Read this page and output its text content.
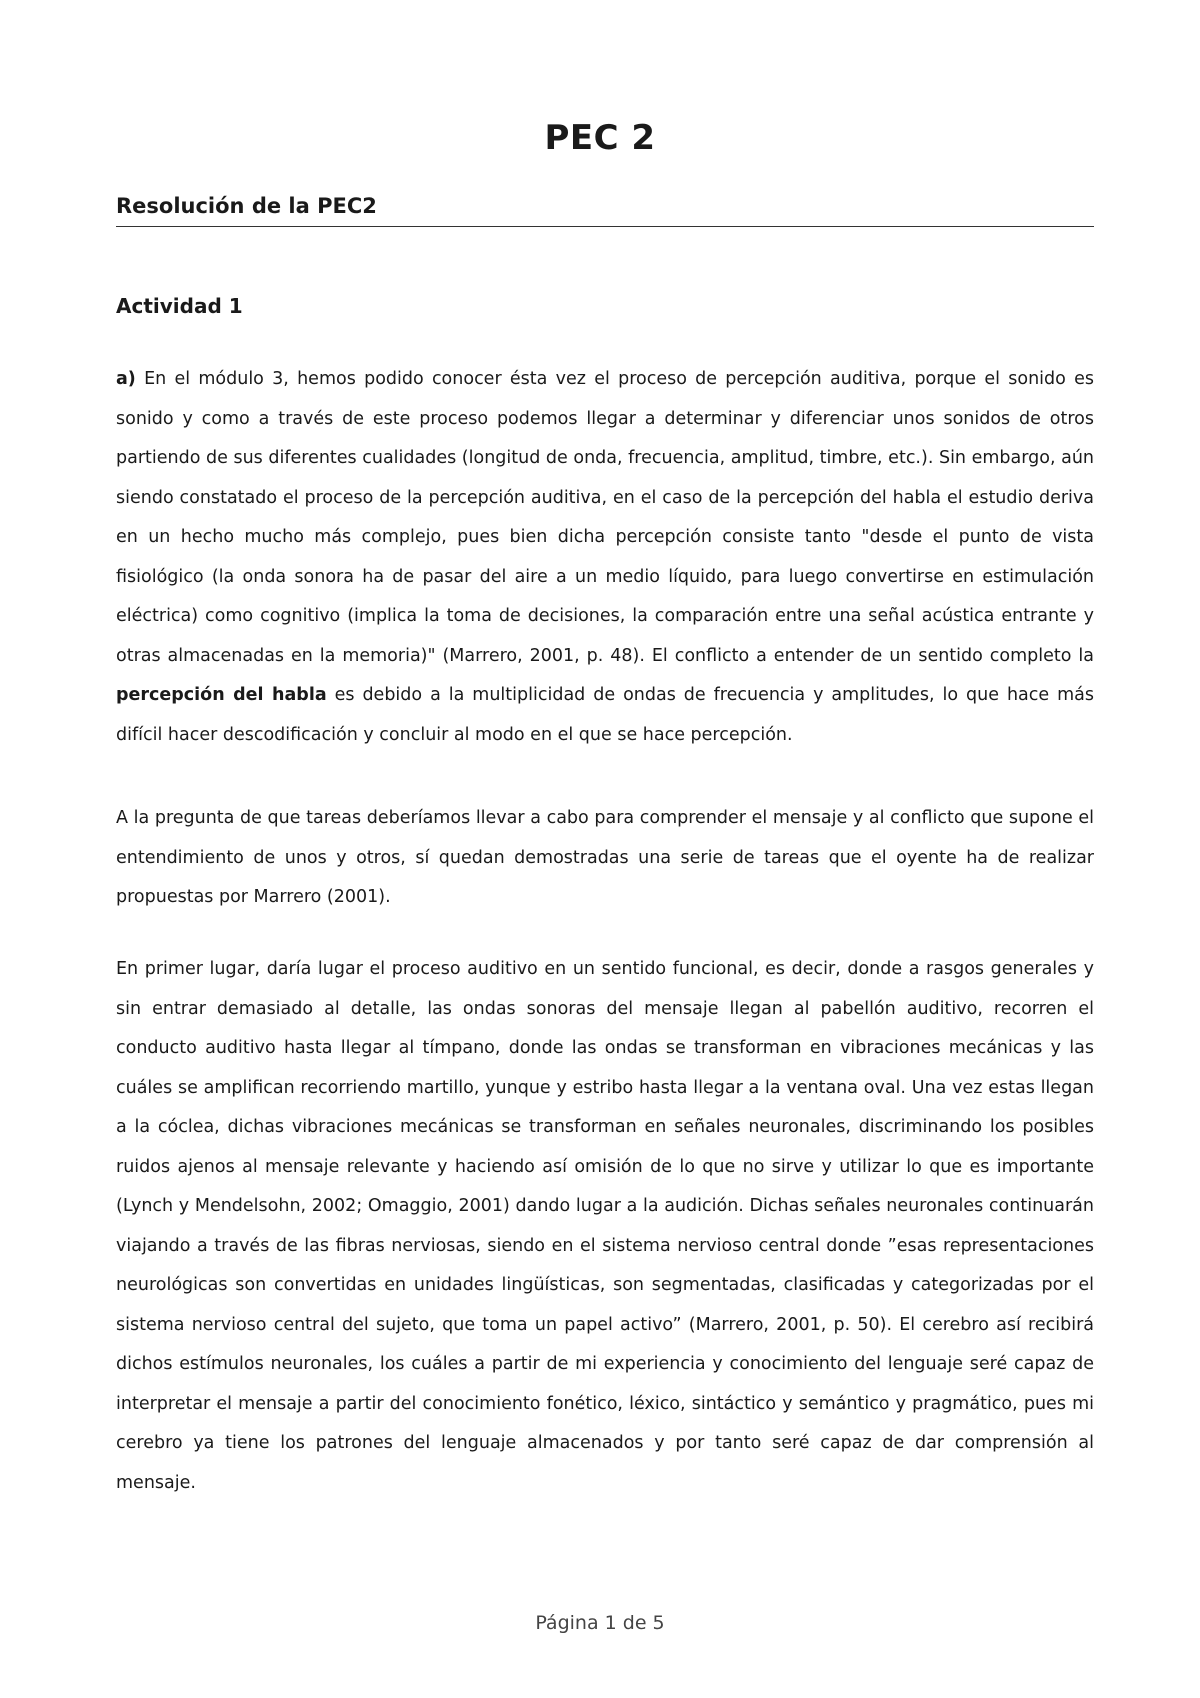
PEC 2
Resolución de la PEC2
Actividad 1

a) En el módulo 3, hemos podido conocer ésta vez el proceso de percepción auditiva, porque el sonido es sonido y como a través de este proceso podemos llegar a determinar y diferenciar unos sonidos de otros partiendo de sus diferentes cualidades (longitud de onda, frecuencia, amplitud, timbre, etc.). Sin embargo, aún siendo constatado el proceso de la percepción auditiva, en el caso de la percepción del habla el estudio deriva en un hecho mucho más complejo, pues bien dicha percepción consiste tanto "desde el punto de vista fisiológico (la onda sonora ha de pasar del aire a un medio líquido, para luego convertirse en estimulación eléctrica) como cognitivo (implica la toma de decisiones, la comparación entre una señal acústica entrante y otras almacenadas en la memoria)" (Marrero, 2001, p. 48). El conflicto a entender de un sentido completo la percepción del habla es debido a la multiplicidad de ondas de frecuencia y amplitudes, lo que hace más difícil hacer descodificación y concluir al modo en el que se hace percepción.

A la pregunta de que tareas deberíamos llevar a cabo para comprender el mensaje y al conflicto que supone el entendimiento de unos y otros, sí quedan demostradas una serie de tareas que el oyente ha de realizar propuestas por Marrero (2001).

En primer lugar, daría lugar el proceso auditivo en un sentido funcional, es decir, donde a rasgos generales y sin entrar demasiado al detalle, las ondas sonoras del mensaje llegan al pabellón auditivo, recorren el conducto auditivo hasta llegar al tímpano, donde las ondas se transforman en vibraciones mecánicas y las cuáles se amplifican recorriendo martillo, yunque y estribo hasta llegar a la ventana oval. Una vez estas llegan a la cóclea, dichas vibraciones mecánicas se transforman en señales neuronales, discriminando los posibles ruidos ajenos al mensaje relevante y haciendo así omisión de lo que no sirve y utilizar lo que es importante (Lynch y Mendelsohn, 2002; Omaggio, 2001) dando lugar a la audición. Dichas señales neuronales continuarán viajando a través de las fibras nerviosas, siendo en el sistema nervioso central donde ”esas representaciones neurológicas son convertidas en unidades lingüísticas, son segmentadas, clasificadas y categorizadas por el sistema nervioso central del sujeto, que toma un papel activo” (Marrero, 2001, p. 50). El cerebro así recibirá dichos estímulos neuronales, los cuáles a partir de mi experiencia y conocimiento del lenguaje seré capaz de interpretar el mensaje a partir del conocimiento fonético, léxico, sintáctico y semántico y pragmático, pues mi cerebro ya tiene los patrones del lenguaje almacenados y por tanto seré capaz de dar comprensión al mensaje.

Página 1 de 5
